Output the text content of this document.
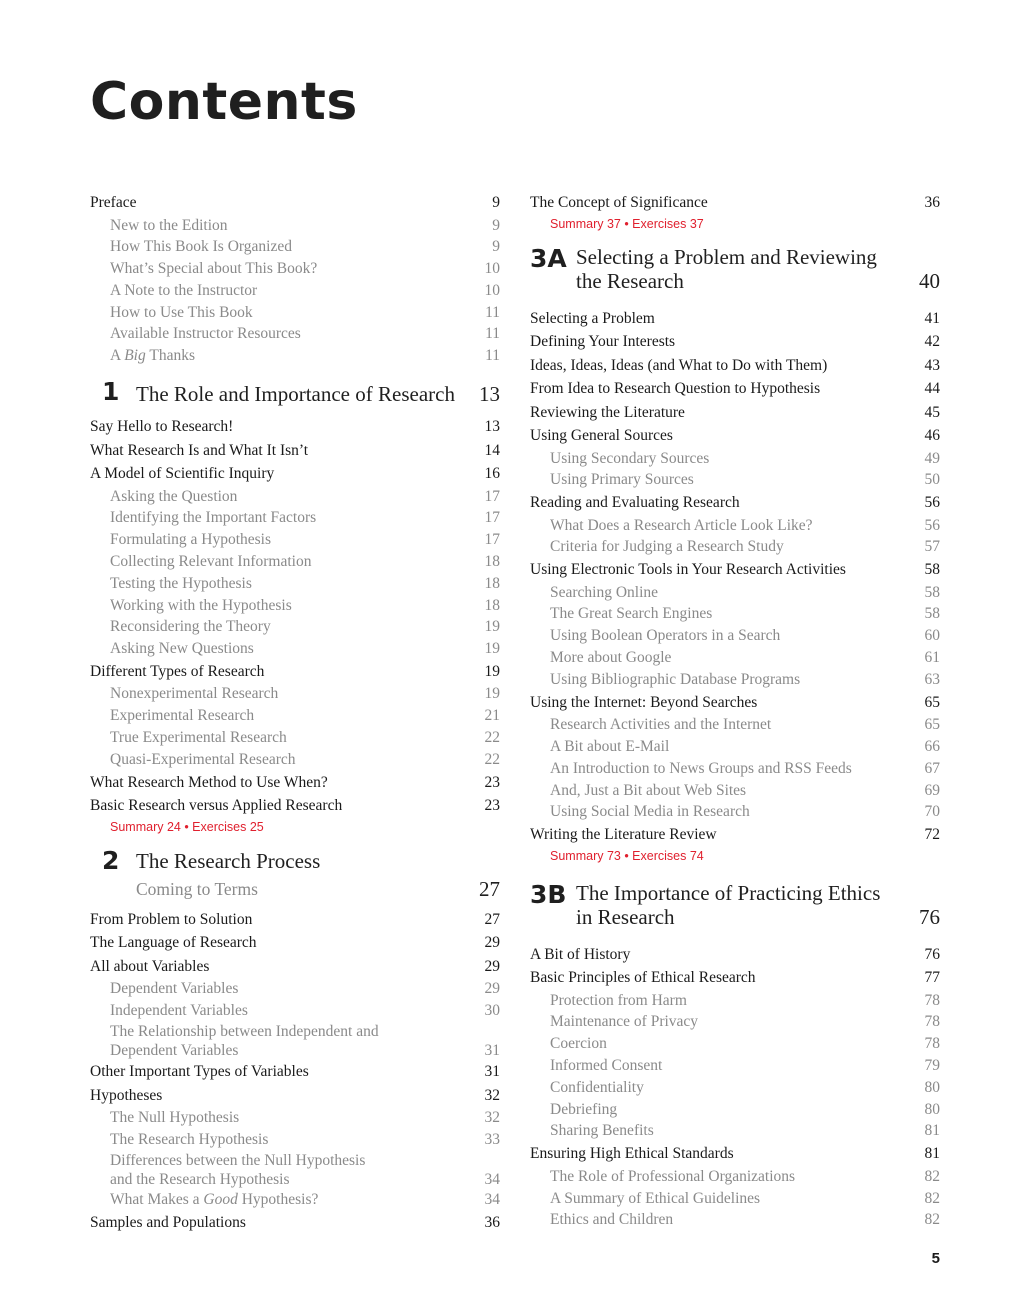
Contents
Preface	9
New to the Edition	9
How This Book Is Organized	9
What’s Special about This Book?	10
A Note to the Instructor	10
How to Use This Book	11
Available Instructor Resources	11
A Big Thanks	11
1 The Role and Importance of Research	13
Say Hello to Research!	13
What Research Is and What It Isn’t	14
A Model of Scientific Inquiry	16
Asking the Question	17
Identifying the Important Factors	17
Formulating a Hypothesis	17
Collecting Relevant Information	18
Testing the Hypothesis	18
Working with the Hypothesis	18
Reconsidering the Theory	19
Asking New Questions	19
Different Types of Research	19
Nonexperimental Research	19
Experimental Research	21
True Experimental Research	22
Quasi-Experimental Research	22
What Research Method to Use When?	23
Basic Research versus Applied Research	23
Summary 24 • Exercises 25
2 The Research Process
Coming to Terms	27
From Problem to Solution	27
The Language of Research	29
All about Variables	29
Dependent Variables	29
Independent Variables	30
The Relationship between Independent and
Dependent Variables	31
Other Important Types of Variables	31
Hypotheses	32
The Null Hypothesis	32
The Research Hypothesis	33
Differences between the Null Hypothesis
and the Research Hypothesis	34
What Makes a Good Hypothesis?	34
Samples and Populations	36
The Concept of Significance	36
Summary 37 • Exercises 37
3A Selecting a Problem and Reviewing
the Research	40
Selecting a Problem	41
Defining Your Interests	42
Ideas, Ideas, Ideas (and What to Do with Them)	43
From Idea to Research Question to Hypothesis	44
Reviewing the Literature	45
Using General Sources	46
Using Secondary Sources	49
Using Primary Sources	50
Reading and Evaluating Research	56
What Does a Research Article Look Like?	56
Criteria for Judging a Research Study	57
Using Electronic Tools in Your Research Activities	58
Searching Online	58
The Great Search Engines	58
Using Boolean Operators in a Search	60
More about Google	61
Using Bibliographic Database Programs	63
Using the Internet: Beyond Searches	65
Research Activities and the Internet	65
A Bit about E-Mail	66
An Introduction to News Groups and RSS Feeds	67
And, Just a Bit about Web Sites	69
Using Social Media in Research	70
Writing the Literature Review	72
Summary 73 • Exercises 74
3B The Importance of Practicing Ethics
in Research	76
A Bit of History	76
Basic Principles of Ethical Research	77
Protection from Harm	78
Maintenance of Privacy	78
Coercion	78
Informed Consent	79
Confidentiality	80
Debriefing	80
Sharing Benefits	81
Ensuring High Ethical Standards	81
The Role of Professional Organizations	82
A Summary of Ethical Guidelines	82
Ethics and Children	82
5
